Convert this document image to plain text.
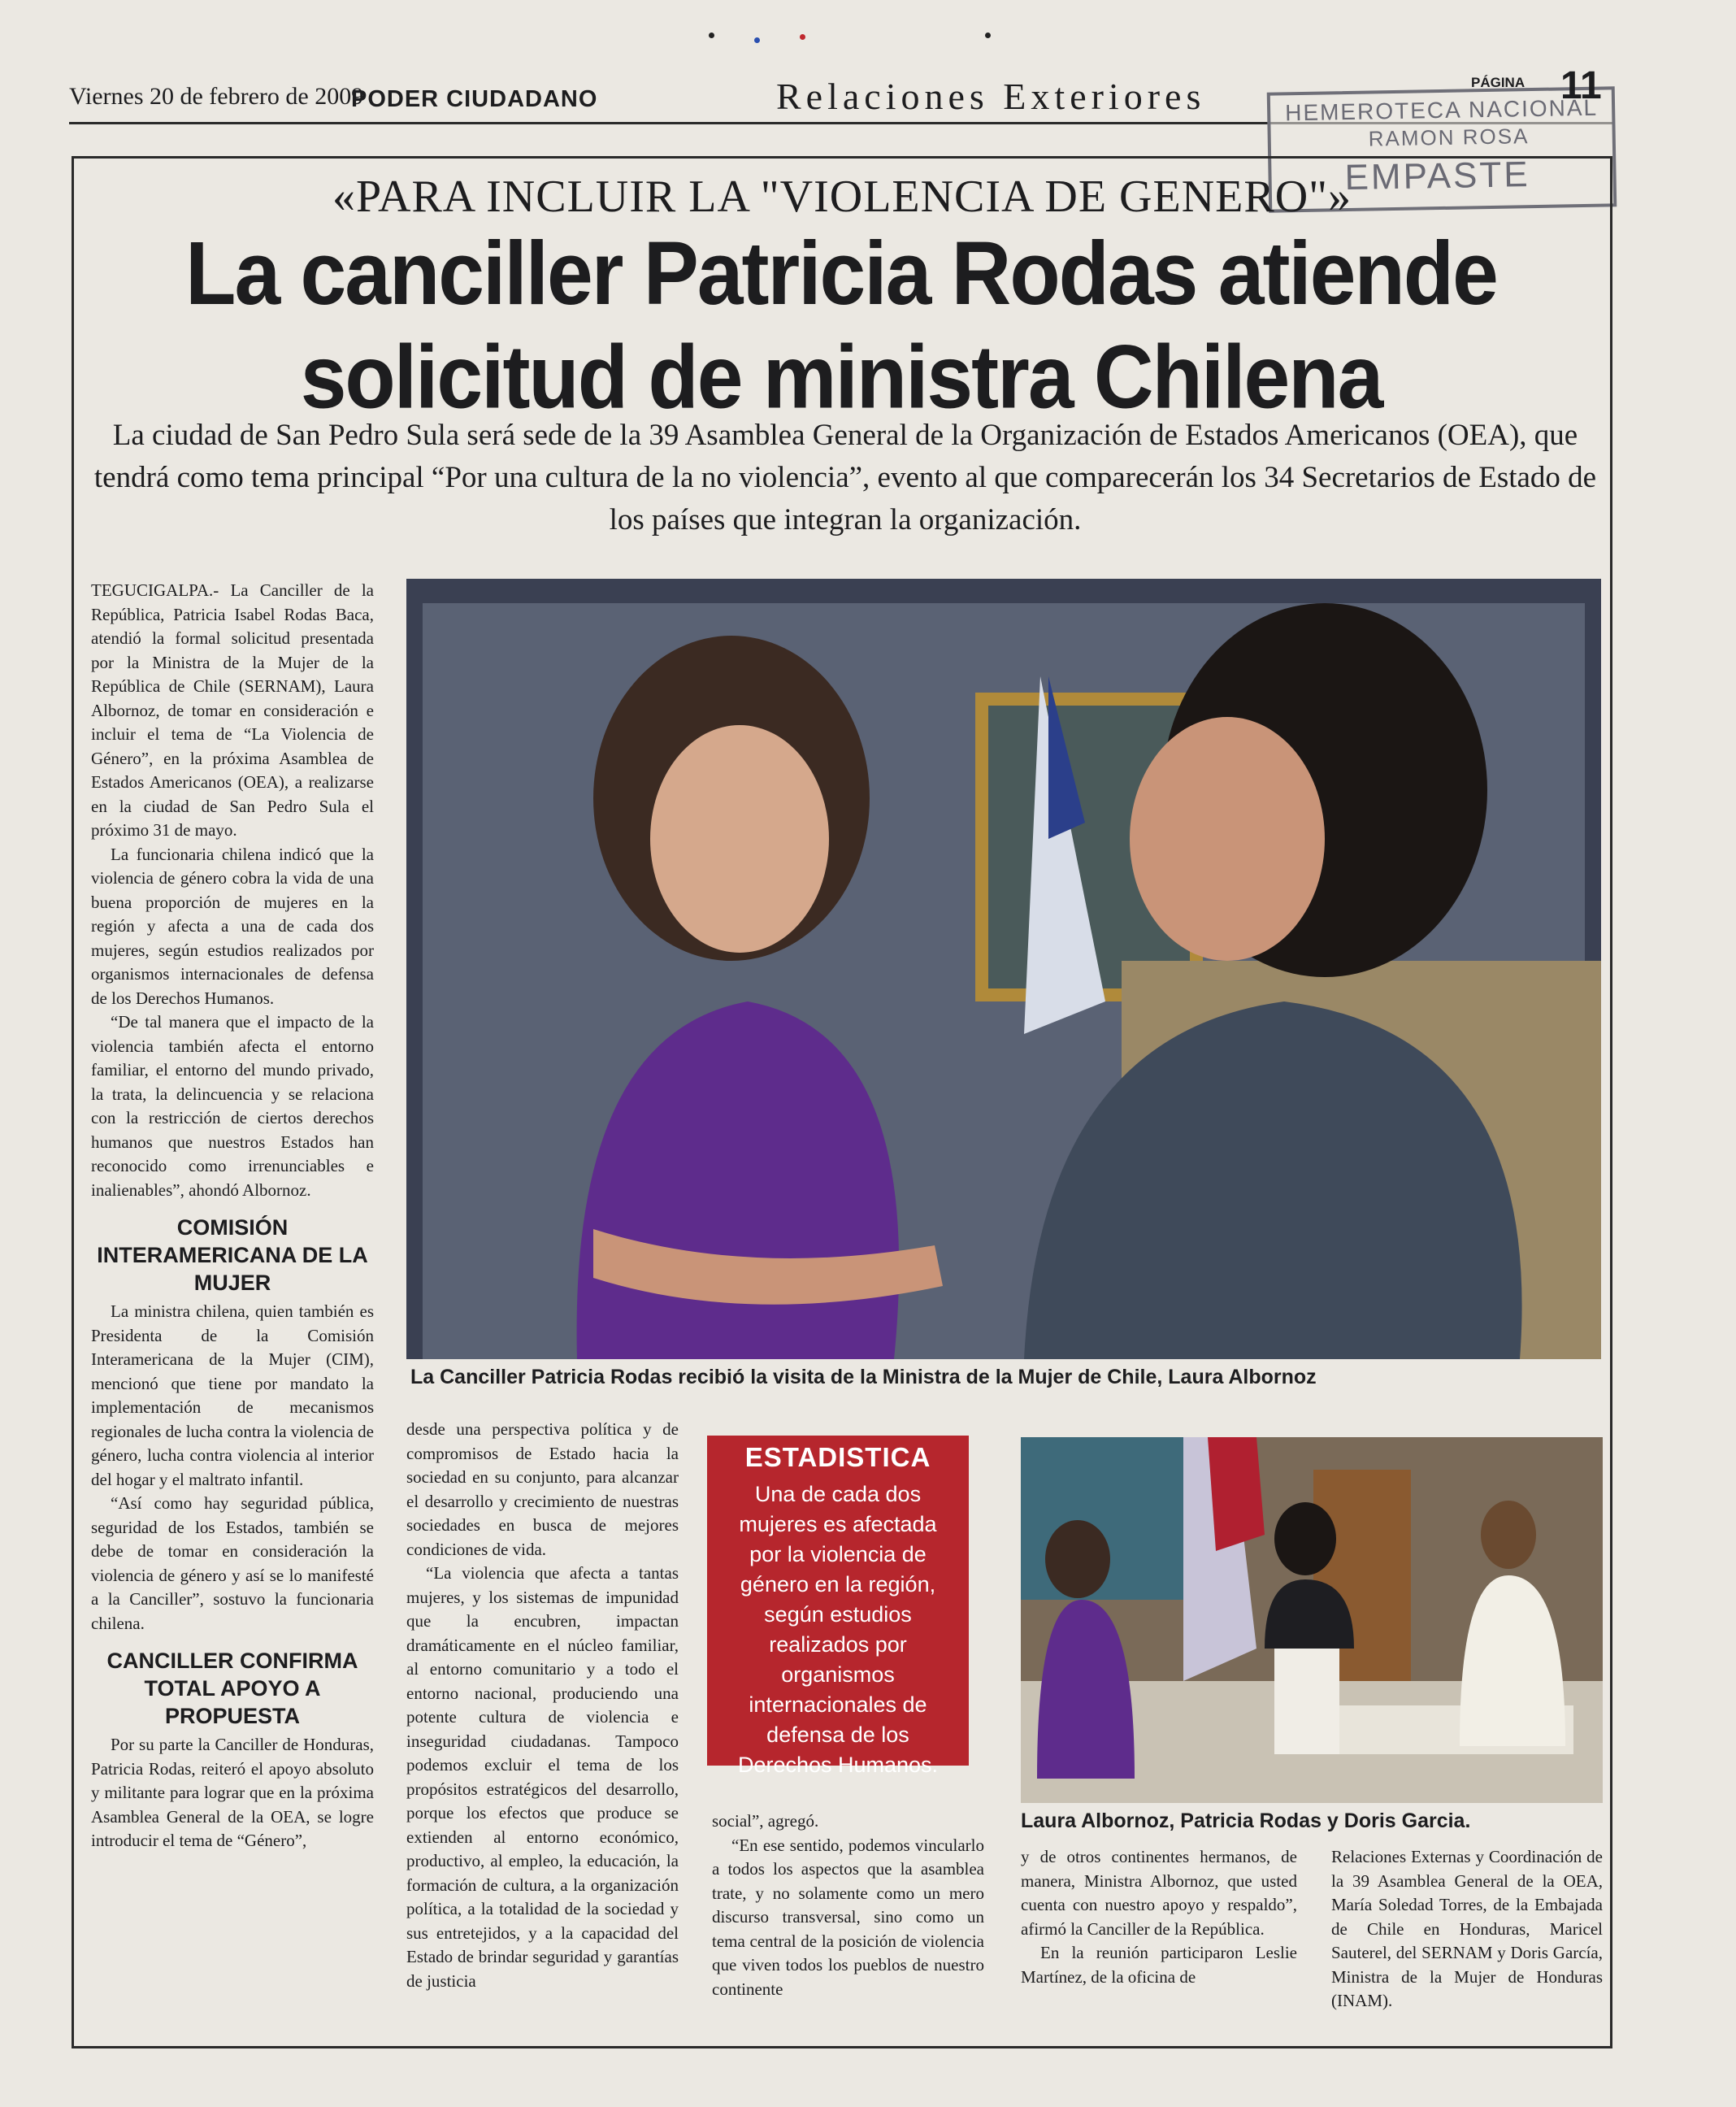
Viernes 20 de febrero de 2009
PODER CIUDADANO	Relaciones Exteriores	HEMEROTECA NACIONAL
RAMON ROSA
EMPASTE
PÁGINA 11
«PARA INCLUIR LA "VIOLENCIA DE GENERO"»
La canciller Patricia Rodas atiende
solicitud de ministra Chilena
La ciudad de San Pedro Sula será sede de la 39 Asamblea General de la Organización de Estados Americanos (OEA), que tendrá como tema principal “Por una cultura de la no violencia”, evento al que comparecerán los 34 Secretarios de Estado de los países que integran la organización.

TEGUCIGALPA.- La Canciller de la República, Patricia Isabel Rodas Baca, atendió la formal solicitud presentada por la Ministra de la Mujer de la República de Chile (SERNAM), Laura Albornoz, de tomar en consideración e incluir el tema de “La Violencia de Género”, en la próxima Asamblea de Estados Americanos (OEA), a realizarse en la ciudad de San Pedro Sula el próximo 31 de mayo.

La funcionaria chilena indicó que la violencia de género cobra la vida de una buena proporción de mujeres en la región y afecta a una de cada dos mujeres, según estudios realizados por organismos internacionales de defensa de los Derechos Humanos.

“De tal manera que el impacto de la violencia también afecta el entorno familiar, el entorno del mundo privado, la trata, la delincuencia y se relaciona con la restricción de ciertos derechos humanos que nuestros Estados han reconocido como irrenunciables e inalienables”, ahondó Albornoz.

COMISIÓN INTERAMERICANA DE LA MUJER

La ministra chilena, quien también es Presidenta de la Comisión Interamericana de la Mujer (CIM), mencionó que tiene por mandato la implementación de mecanismos regionales de lucha contra la violencia de género, lucha contra violencia al interior del hogar y el maltrato infantil.

“Así como hay seguridad pública, seguridad de los Estados, también se debe de tomar en consideración la violencia de género y así se lo manifesté a la Canciller”, sostuvo la funcionaria chilena.

CANCILLER CONFIRMA TOTAL APOYO A PROPUESTA

Por su parte la Canciller de Honduras, Patricia Rodas, reiteró el apoyo absoluto y militante para lograr que en la próxima Asamblea General de la OEA, se logre introducir el tema de “Género”,

La Canciller Patricia Rodas recibió la visita de la Ministra de la Mujer de Chile, Laura Albornoz

desde una perspectiva política y de compromisos de Estado hacia la sociedad en su conjunto, para alcanzar el desarrollo y crecimiento de nuestras sociedades en busca de mejores condiciones de vida.

“La violencia que afecta a tantas mujeres, y los sistemas de impunidad que la encubren, impactan dramáticamente en el núcleo familiar, al entorno comunitario y a todo el entorno nacional, produciendo una potente cultura de violencia e inseguridad ciudadanas. Tampoco podemos excluir el tema de los propósitos estratégicos del desarrollo, porque los efectos que produce se extienden al entorno económico, productivo, al empleo, la educación, la formación de cultura, a la organización política, a la totalidad de la sociedad y sus entretejidos, y a la capacidad del Estado de brindar seguridad y garantías de justicia

ESTADISTICA
Una de cada dos mujeres es afectada por la violencia de género en la región, según estudios realizados por organismos internacionales de defensa de los Derechos Humanos.

social”, agregó.

“En ese sentido, podemos vincularlo a todos los aspectos que la asamblea trate, y no solamente como un mero discurso transversal, sino como un tema central de la posición de violencia que viven todos los pueblos de nuestro continente

Laura Albornoz, Patricia Rodas y Doris Garcia.

y de otros continentes hermanos, de manera, Ministra Albornoz, que usted cuenta con nuestro apoyo y respaldo”, afirmó la Canciller de la República.

En la reunión participaron Leslie Martínez, de la oficina de

Relaciones Externas y Coordinación de la 39 Asamblea General de la OEA, María Soledad Torres, de la Embajada de Chile en Honduras, Maricel Sauterel, del SERNAM y Doris García, Ministra de la Mujer de Honduras (INAM).
